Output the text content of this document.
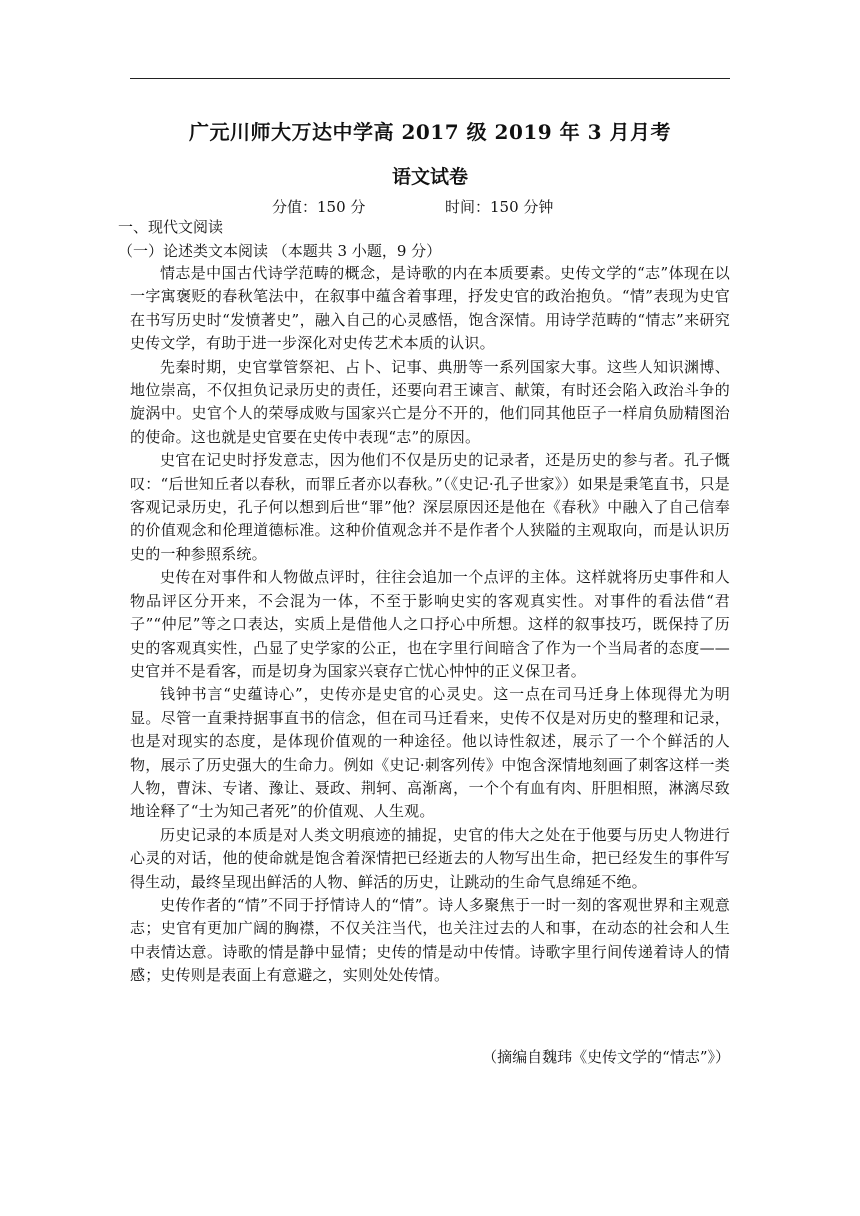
广元川师大万达中学高 2017 级 2019 年 3 月月考
语文试卷
分值：150 分	时间：150 分钟
一、现代文阅读
（一）论述类文本阅读 （本题共 3 小题，9 分）

情志是中国古代诗学范畴的概念，是诗歌的内在本质要素。史传文学的“志”体现在以一字寓褒贬的春秋笔法中，在叙事中蕴含着事理，抒发史官的政治抱负。“情”表现为史官在书写历史时“发愤著史”，融入自己的心灵感悟，饱含深情。用诗学范畴的“情志”来研究史传文学，有助于进一步深化对史传艺术本质的认识。

先秦时期，史官掌管祭祀、占卜、记事、典册等一系列国家大事。这些人知识渊博、地位崇高，不仅担负记录历史的责任，还要向君王谏言、献策，有时还会陷入政治斗争的旋涡中。史官个人的荣辱成败与国家兴亡是分不开的，他们同其他臣子一样肩负励精图治的使命。这也就是史官要在史传中表现“志”的原因。

史官在记史时抒发意志，因为他们不仅是历史的记录者，还是历史的参与者。孔子慨叹：“后世知丘者以春秋，而罪丘者亦以春秋。”（《史记·孔子世家》）如果是秉笔直书，只是客观记录历史，孔子何以想到后世“罪”他？深层原因还是他在《春秋》中融入了自己信奉的价值观念和伦理道德标准。这种价值观念并不是作者个人狭隘的主观取向，而是认识历史的一种参照系统。

史传在对事件和人物做点评时，往往会追加一个点评的主体。这样就将历史事件和人物品评区分开来，不会混为一体，不至于影响史实的客观真实性。对事件的看法借“君子”“仲尼”等之口表达，实质上是借他人之口抒心中所想。这样的叙事技巧，既保持了历史的客观真实性，凸显了史学家的公正，也在字里行间暗含了作为一个当局者的态度——史官并不是看客，而是切身为国家兴衰存亡忧心忡忡的正义保卫者。

钱钟书言“史蕴诗心”，史传亦是史官的心灵史。这一点在司马迁身上体现得尤为明显。尽管一直秉持据事直书的信念，但在司马迁看来，史传不仅是对历史的整理和记录，也是对现实的态度，是体现价值观的一种途径。他以诗性叙述，展示了一个个鲜活的人物，展示了历史强大的生命力。例如《史记·刺客列传》中饱含深情地刻画了刺客这样一类人物，曹沫、专诸、豫让、聂政、荆轲、高渐离，一个个有血有肉、肝胆相照，淋漓尽致地诠释了“士为知己者死”的价值观、人生观。

历史记录的本质是对人类文明痕迹的捕捉，史官的伟大之处在于他要与历史人物进行心灵的对话，他的使命就是饱含着深情把已经逝去的人物写出生命，把已经发生的事件写得生动，最终呈现出鲜活的人物、鲜活的历史，让跳动的生命气息绵延不绝。

史传作者的“情”不同于抒情诗人的“情”。诗人多聚焦于一时一刻的客观世界和主观意志；史官有更加广阔的胸襟，不仅关注当代，也关注过去的人和事，在动态的社会和人生中表情达意。诗歌的情是静中显情；史传的情是动中传情。诗歌字里行间传递着诗人的情感；史传则是表面上有意避之，实则处处传情。

（摘编自魏玮《史传文学的“情志”》）
